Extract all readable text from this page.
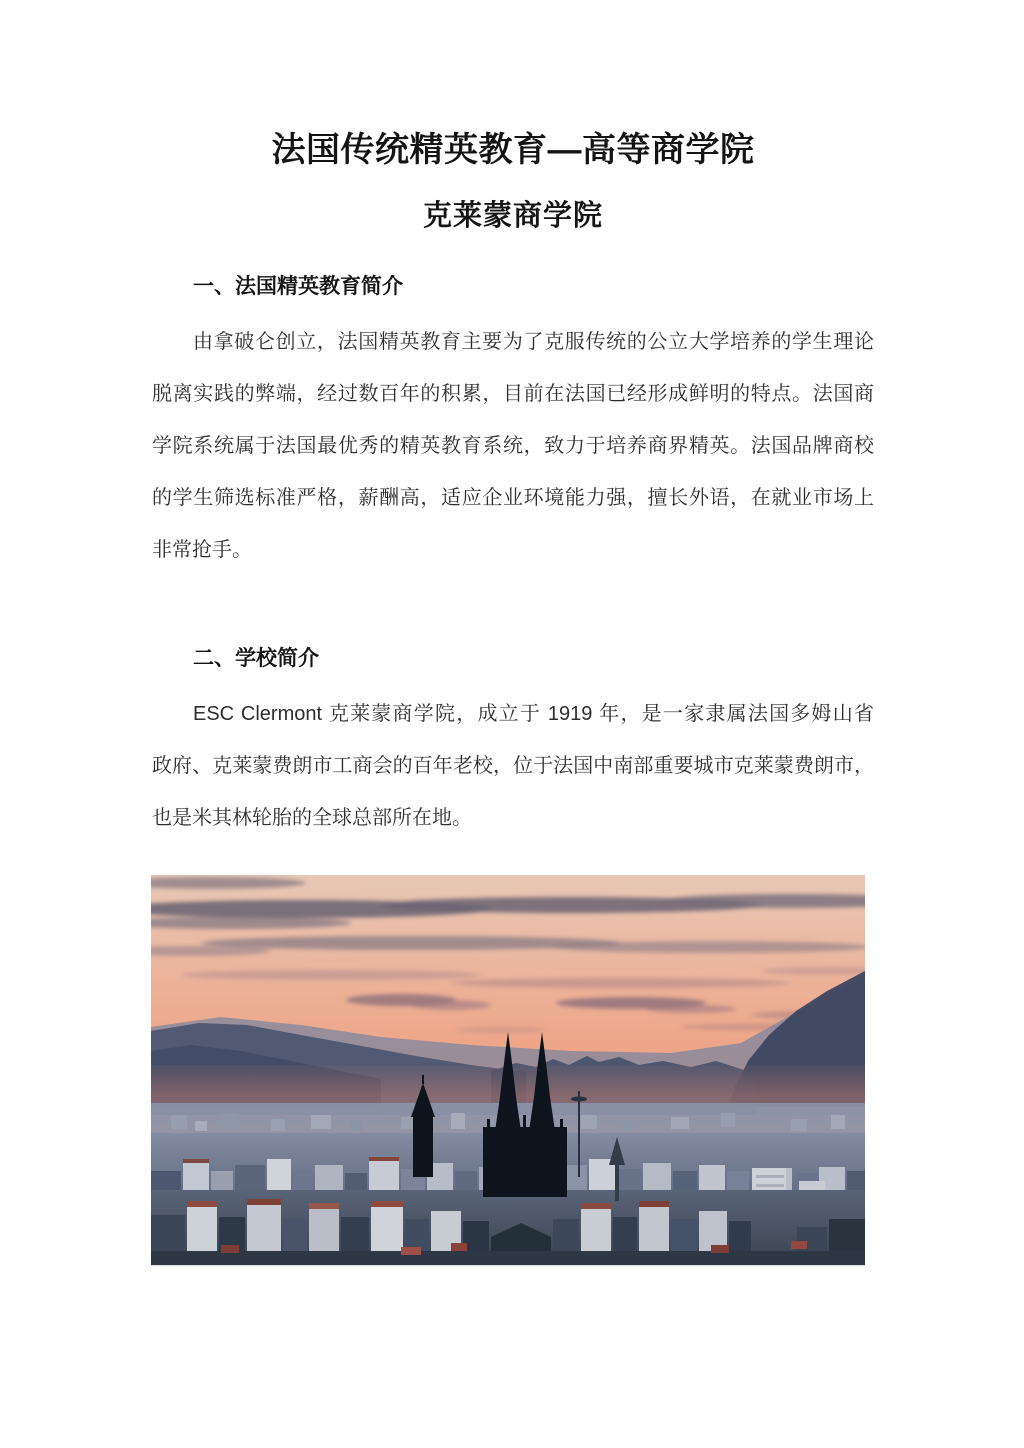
法国传统精英教育—高等商学院
克莱蒙商学院
一、法国精英教育简介
由拿破仑创立，法国精英教育主要为了克服传统的公立大学培养的学生理论
脱离实践的弊端，经过数百年的积累，目前在法国已经形成鲜明的特点。法国商
学院系统属于法国最优秀的精英教育系统，致力于培养商界精英。法国品牌商校
的学生筛选标准严格，薪酬高，适应企业环境能力强，擅长外语，在就业市场上
非常抢手。
二、学校简介
ESC Clermont 克莱蒙商学院，成立于 1919 年，是一家隶属法国多姆山省
政府、克莱蒙费朗市工商会的百年老校，位于法国中南部重要城市克莱蒙费朗市，
也是米其林轮胎的全球总部所在地。
